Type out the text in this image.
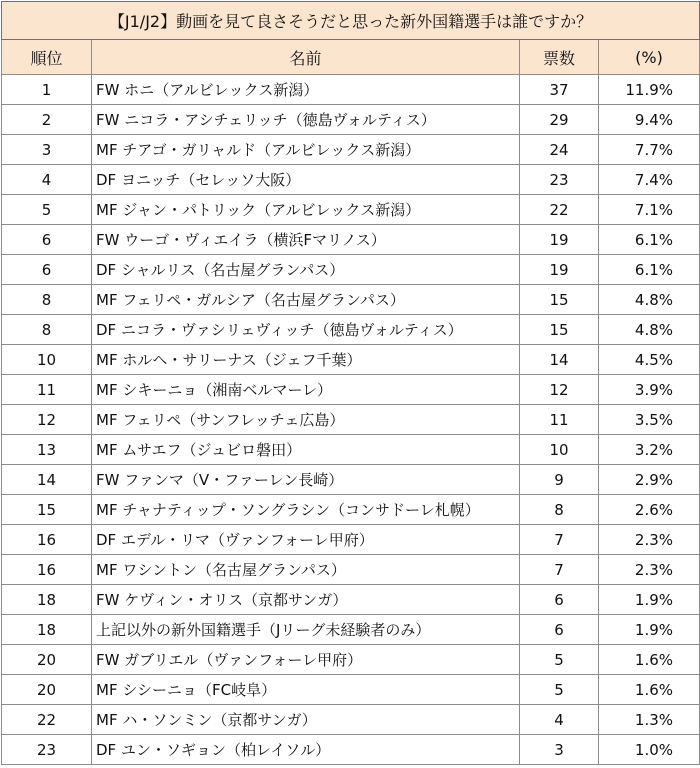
【J1/J2】動画を見て良さそうだと思った新外国籍選手は誰ですか？			
順位	名前	票数	(%)
1	FW ホニ（アルビレックス新潟）	37	11.9%
2	FW ニコラ・アシチェリッチ（徳島ヴォルティス）	29	9.4%
3	MF チアゴ・ガリャルド（アルビレックス新潟）	24	7.7%
4	DF ヨニッチ（セレッソ大阪）	23	7.4%
5	MF ジャン・パトリック（アルビレックス新潟）	22	7.1%
6	FW ウーゴ・ヴィエイラ（横浜Fマリノス）	19	6.1%
6	DF シャルリス（名古屋グランパス）	19	6.1%
8	MF フェリペ・ガルシア（名古屋グランパス）	15	4.8%
8	DF ニコラ・ヴァシリェヴィッチ（徳島ヴォルティス）	15	4.8%
10	MF ホルヘ・サリーナス（ジェフ千葉）	14	4.5%
11	MF シキーニョ（湘南ベルマーレ）	12	3.9%
12	MF フェリペ（サンフレッチェ広島）	11	3.5%
13	MF ムサエフ（ジュビロ磐田）	10	3.2%
14	FW ファンマ（V・ファーレン長崎）	9	2.9%
15	MF チャナティップ・ソングラシン（コンサドーレ札幌）	8	2.6%
16	DF エデル・リマ（ヴァンフォーレ甲府）	7	2.3%
16	MF ワシントン（名古屋グランパス）	7	2.3%
18	FW ケヴィン・オリス（京都サンガ）	6	1.9%
18	上記以外の新外国籍選手（Jリーグ未経験者のみ）	6	1.9%
20	FW ガブリエル（ヴァンフォーレ甲府）	5	1.6%
20	MF シシーニョ（FC岐阜）	5	1.6%
22	MF ハ・ソンミン（京都サンガ）	4	1.3%
23	DF ユン・ソギョン（柏レイソル）	3	1.0%
